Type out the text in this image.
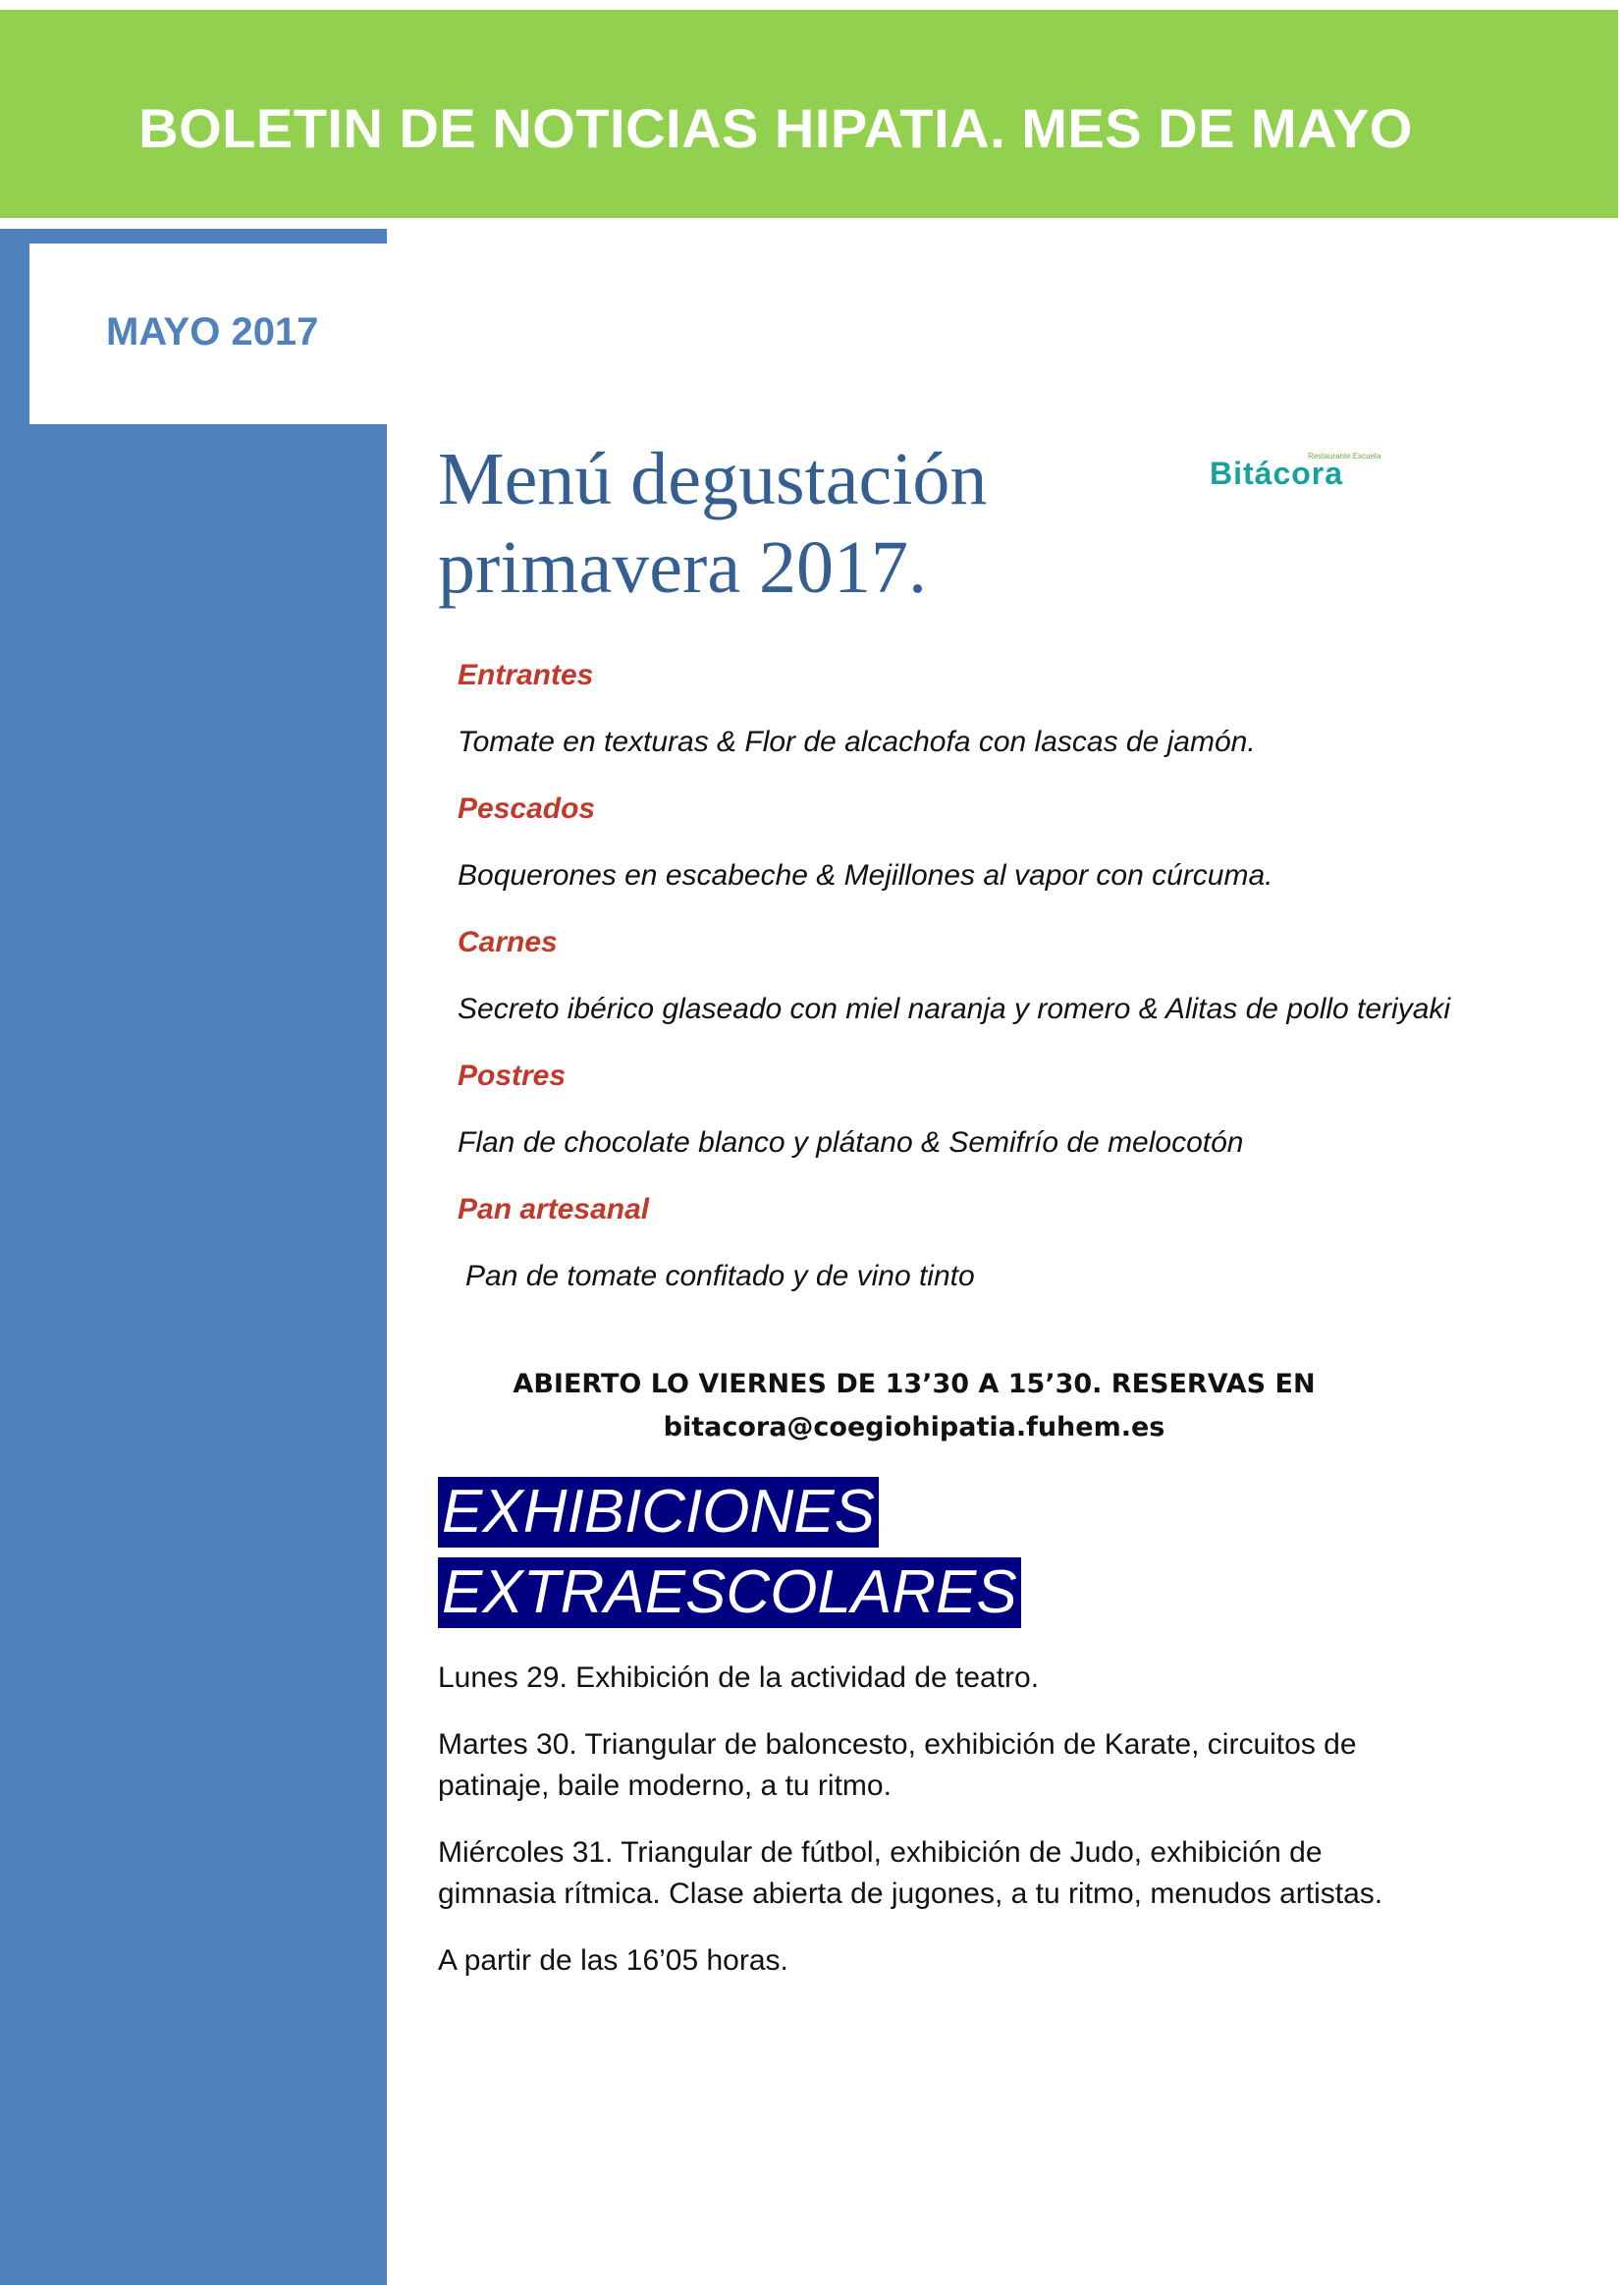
BOLETIN DE NOTICIAS HIPATIA. MES DE MAYO
MAYO 2017
Menú degustación
primavera 2017.
Restaurante Escuela
Bitácora
Entrantes
Tomate en texturas & Flor de alcachofa con lascas de jamón.
Pescados
Boquerones en escabeche & Mejillones al vapor con cúrcuma.
Carnes
Secreto ibérico glaseado con miel naranja y romero & Alitas de pollo teriyaki
Postres
Flan de chocolate blanco y plátano & Semifrío de melocotón
Pan artesanal
Pan de tomate confitado y de vino tinto
ABIERTO LO VIERNES DE 13’30 A 15’30. RESERVAS EN
bitacora@coegiohipatia.fuhem.es
EXHIBICIONES
EXTRAESCOLARES

Lunes 29. Exhibición de la actividad de teatro.

Martes 30. Triangular de baloncesto, exhibición de Karate, circuitos de patinaje, baile moderno, a tu ritmo.

Miércoles 31. Triangular de fútbol, exhibición de Judo, exhibición de gimnasia rítmica. Clase abierta de jugones, a tu ritmo, menudos artistas.

A partir de las 16’05 horas.
